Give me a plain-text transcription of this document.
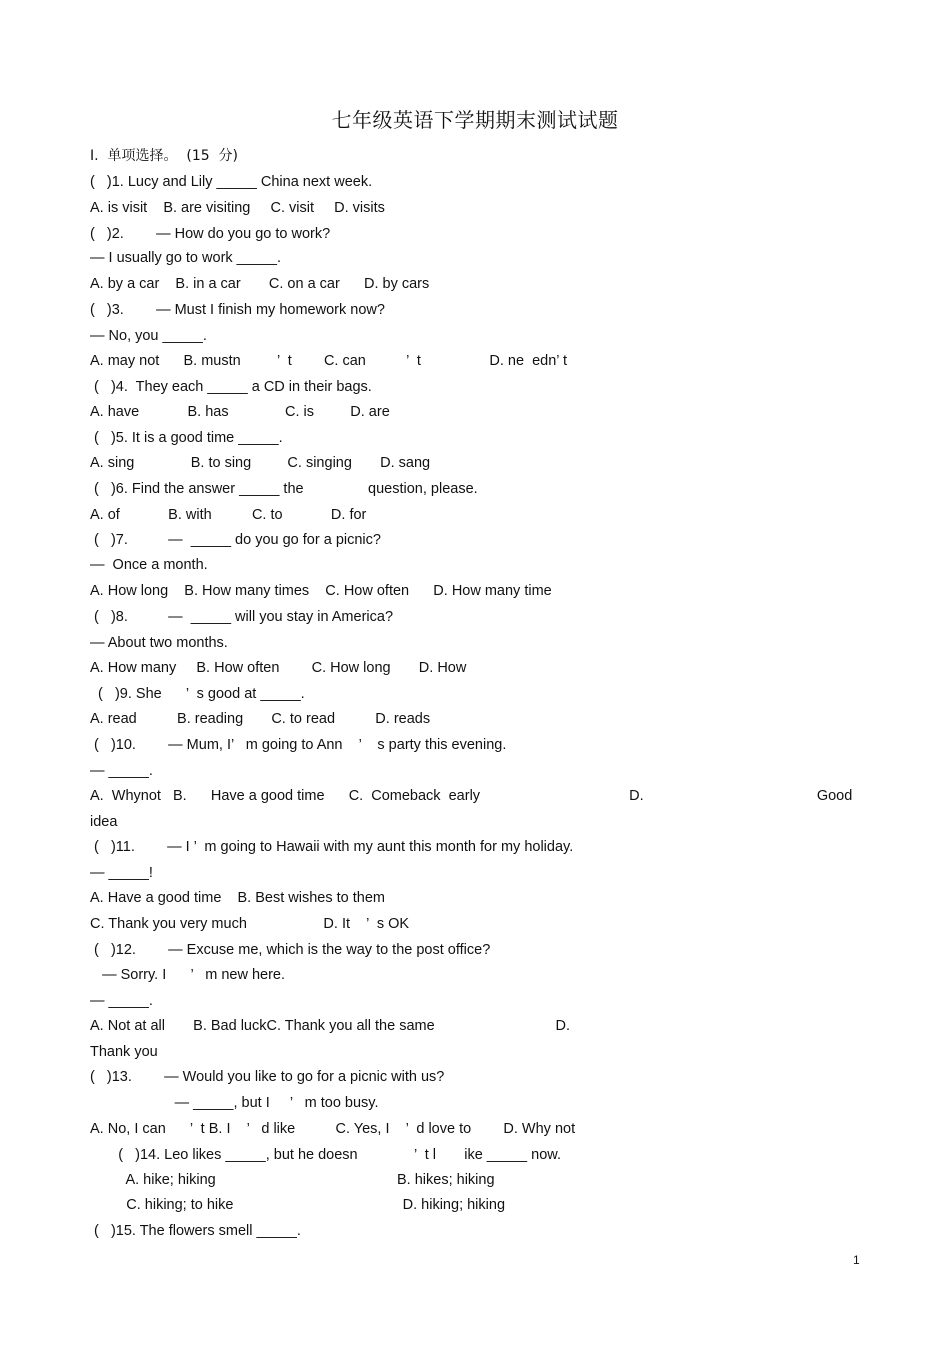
七年级英语下学期期末测试试题
Ⅰ.  单项选择。  (15  分)
(   )1. Lucy and Lily _____ China next week.
A. is visit    B. are visiting     C. visit     D. visits
(   )2.        — How do you go to work?
— I usually go to work _____.
A. by a car    B. in a car       C. on a car      D. by cars
(   )3.        — Must I finish my homework now?
— No, you _____.
A. may not      B. mustn         ’  t        C. can          ’  t                 D. ne  edn’ t
(   )4.  They each _____ a CD in their bags.
A. have            B. has              C. is         D. are
(   )5. It is a good time _____.
A. sing              B. to sing         C. singing       D. sang
(   )6. Find the answer _____ the                question, please.
A. of            B. with          C. to            D. for
(   )7.          —  _____ do you go for a picnic?
—  Once a month.
A. How long    B. How many times    C. How often      D. How many time
(   )8.          —  _____ will you stay in America?
— About two months.
A. How many     B. How often        C. How long       D. How
(   )9. She      ’  s good at _____.
A. read          B. reading       C. to read          D. reads
(   )10.        — Mum, I’   m going to Ann    ’    s party this evening.
— _____.
A.  Whynot   B.      Have a good time      C.  Comeback  early                                     D.                                           Good
idea
(   )11.        — I ’  m going to Hawaii with my aunt this month for my holiday.
— _____!
A. Have a good time    B. Best wishes to them
C. Thank you very much                   D. It    ’  s OK
(   )12.        — Excuse me, which is the way to the post office?
— Sorry. I      ’   m new here.
— _____.
A. Not at all       B. Bad luckC. Thank you all the same                              D.
Thank you
(   )13.        — Would you like to go for a picnic with us?
— _____, but I     ’   m too busy.
A. No, I can      ’  t B. I    ’   d like          C. Yes, I    ’  d love to        D. Why not
(   )14. Leo likes _____, but he doesn              ’  t l       ike _____ now.
A. hike; hiking                                             B. hikes; hiking
C. hiking; to hike                                          D. hiking; hiking
(   )15. The flowers smell _____.
1
